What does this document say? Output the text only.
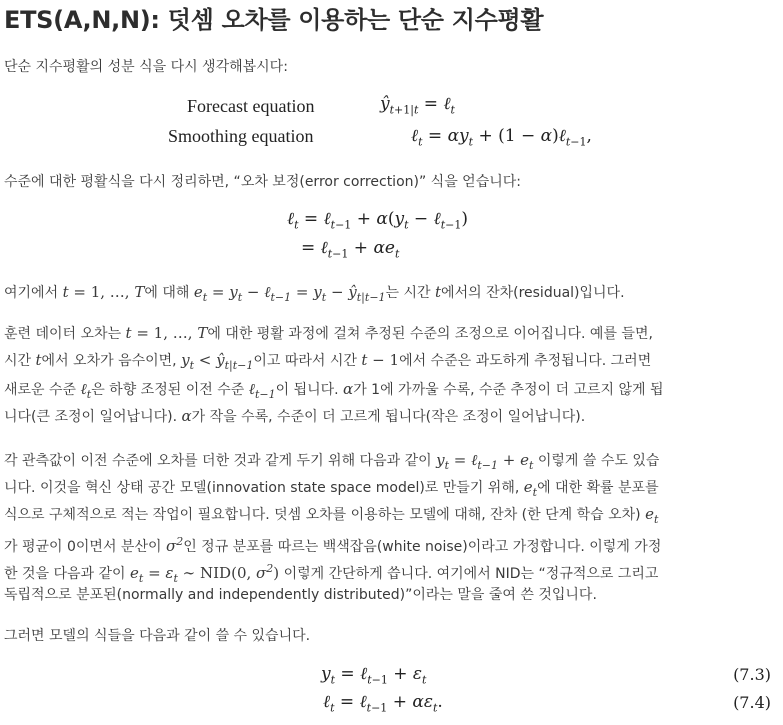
ETS(A,N,N): 덧셈 오차를 이용하는 단순 지수평활
단순 지수평활의 성분 식을 다시 생각해봅시다:
Forecast equation	$ŷ_{t+1|t}$ = ℓ$_t$
Smoothing equation	ℓ$_t$ = $\alpha y_t + (1$ − α)ℓ$_{t-1}$,
수준에 대한 평활식을 다시 정리하면, “오차 보정(error correction)” 식을 얻습니다:
ℓ$_t$ = ℓ$_{t-1}$ + $\alpha(y_t$ − ℓ$_{t-1}$)
= ℓ$_{t-1}$ + $\alpha e_t$
여기에서 t = 1, …, T에 대해 $e_t = y_t$ − ℓ$_{t-1}$ = $y_t$ − $ŷ_{t|t-1}$는 시간 t에서의 잔차(residual)입니다.
훈련 데이터 오차는 t = 1, …, T에 대한 평활 과정에 걸쳐 추정된 수준의 조정으로 이어집니다. 예를 들면,
시간 t에서 오차가 음수이면, $y_t$ < $ŷ_{t|t-1}$이고 따라서 시간 t − 1에서 수준은 과도하게 추정됩니다. 그러면
새로운 수준 ℓ$_t$은 하향 조정된 이전 수준 ℓ$_{t-1}$이 됩니다. α가 1에 가까울 수록, 수준 추정이 더 고르지 않게 됩
니다(큰 조정이 일어납니다). α가 작을 수록, 수준이 더 고르게 됩니다(작은 조정이 일어납니다).
각 관측값이 이전 수준에 오차를 더한 것과 같게 두기 위해 다음과 같이 $y_t$ = ℓ$_{t-1}$ + $e_t$ 이렇게 쓸 수도 있습
니다. 이것을 혁신 상태 공간 모델(innovation state space model)로 만들기 위해, $e_t$에 대한 확률 분포를
식으로 구체적으로 적는 작업이 필요합니다. 덧셈 오차를 이용하는 모델에 대해, 잔차 (한 단계 학습 오차) $e_t$
가 평균이 0이면서 분산이 $\sigma^2$인 정규 분포를 따르는 백색잡음(white noise)이라고 가정합니다. 이렇게 가정
한 것을 다음과 같이 $e_t = \varepsilon_t$ ∼ NID(0, $\sigma^2$) 이렇게 간단하게 씁니다. 여기에서 NID는 “정규적으로 그리고
독립적으로 분포된(normally and independently distributed)”이라는 말을 줄여 쓴 것입니다.
그러면 모델의 식들을 다음과 같이 쓸 수 있습니다.
$y_t$ = ℓ$_{t-1}$ + $\varepsilon_t$	(7.3)
ℓ$_t$ = ℓ$_{t-1}$ + $\alpha\varepsilon_t$.	(7.4)
